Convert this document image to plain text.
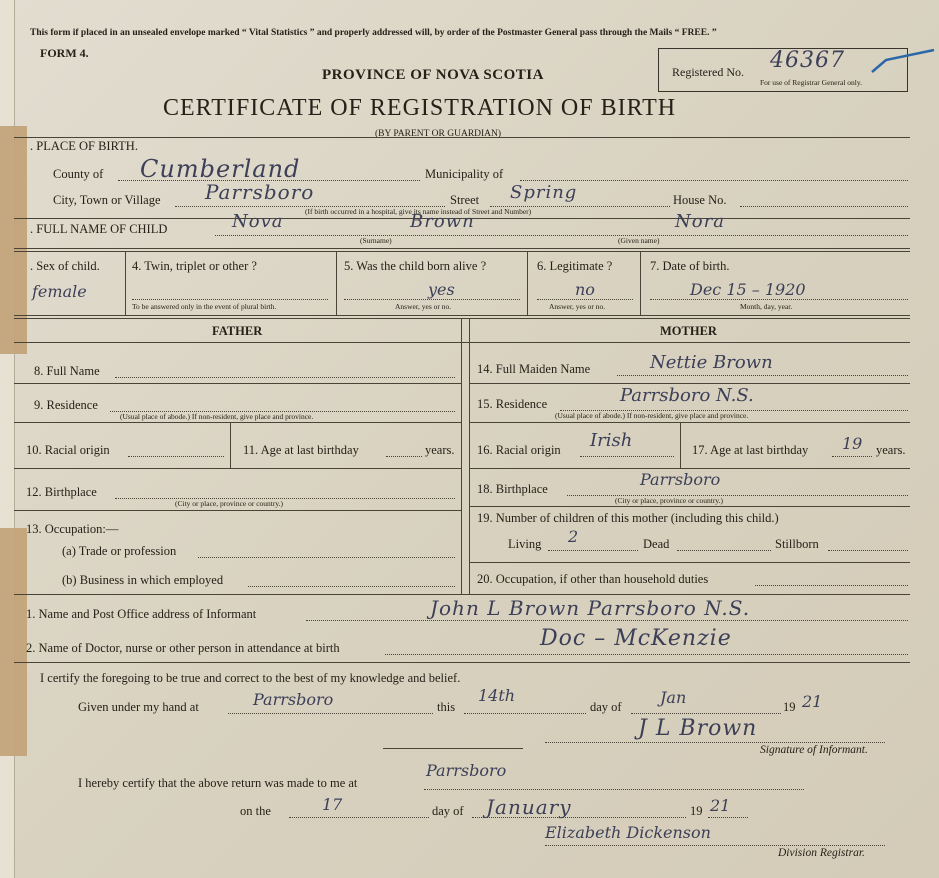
This form if placed in an unsealed envelope marked “ Vital Statistics ” and properly addressed will, by order of the Postmaster General pass through the Mails “ FREE. ”
FORM 4.
PROVINCE OF NOVA SCOTIA
CERTIFICATE OF REGISTRATION OF BIRTH
(BY PARENT OR GUARDIAN)
Registered No. 46367
For use of Registrar General only.
. PLACE OF BIRTH.
County of Cumberland	Municipality of
City, Town or Village Parrsboro	Street Spring	House No.
(If birth occurred in a hospital, give its name instead of Street and Number)
. FULL NAME OF CHILD	Nova	Brown
(Surname)
Nora
(Given name)
. Sex of child.
female
4. Twin, triplet or other ?
To be answered only in the event of plural birth.
5. Was the child born alive ?
yes
Answer, yes or no.
6. Legitimate ?
no
Answer, yes or no.
7. Date of birth.
Dec 15 – 1920
Month, day, year.
FATHER	MOTHER
8. Full Name
9. Residence
(Usual place of abode.) If non-resident, give place and province.
10. Racial origin	11. Age at last birthday	years.
12. Birthplace
(City or place, province or country.)
13. Occupation:—
(a) Trade or profession
(b) Business in which employed
14. Full Maiden Name	Nettie Brown
15. Residence	Parrsboro N.S.
(Usual place of abode.) If non-resident, give place and province.
16. Racial origin Irish	17. Age at last birthday 19 years.
18. Birthplace	Parrsboro
(City or place, province or country.)
19. Number of children of this mother (including this child.)
Living 2	Dead	Stillborn
20. Occupation, if other than household duties
1. Name and Post Office address of Informant	John L Brown Parrsboro N.S.
2. Name of Doctor, nurse or other person in attendance at birth	Doc – McKenzie
I certify the foregoing to be true and correct to the best of my knowledge and belief.
Given under my hand at	Parrsboro	this
14th
day of Jan	19 21
J L Brown
Signature of Informant.
I hereby certify that the above return was made to me at
Parrsboro
on the	17	day of January	19 21
Elizabeth Dickenson
Division Registrar.
